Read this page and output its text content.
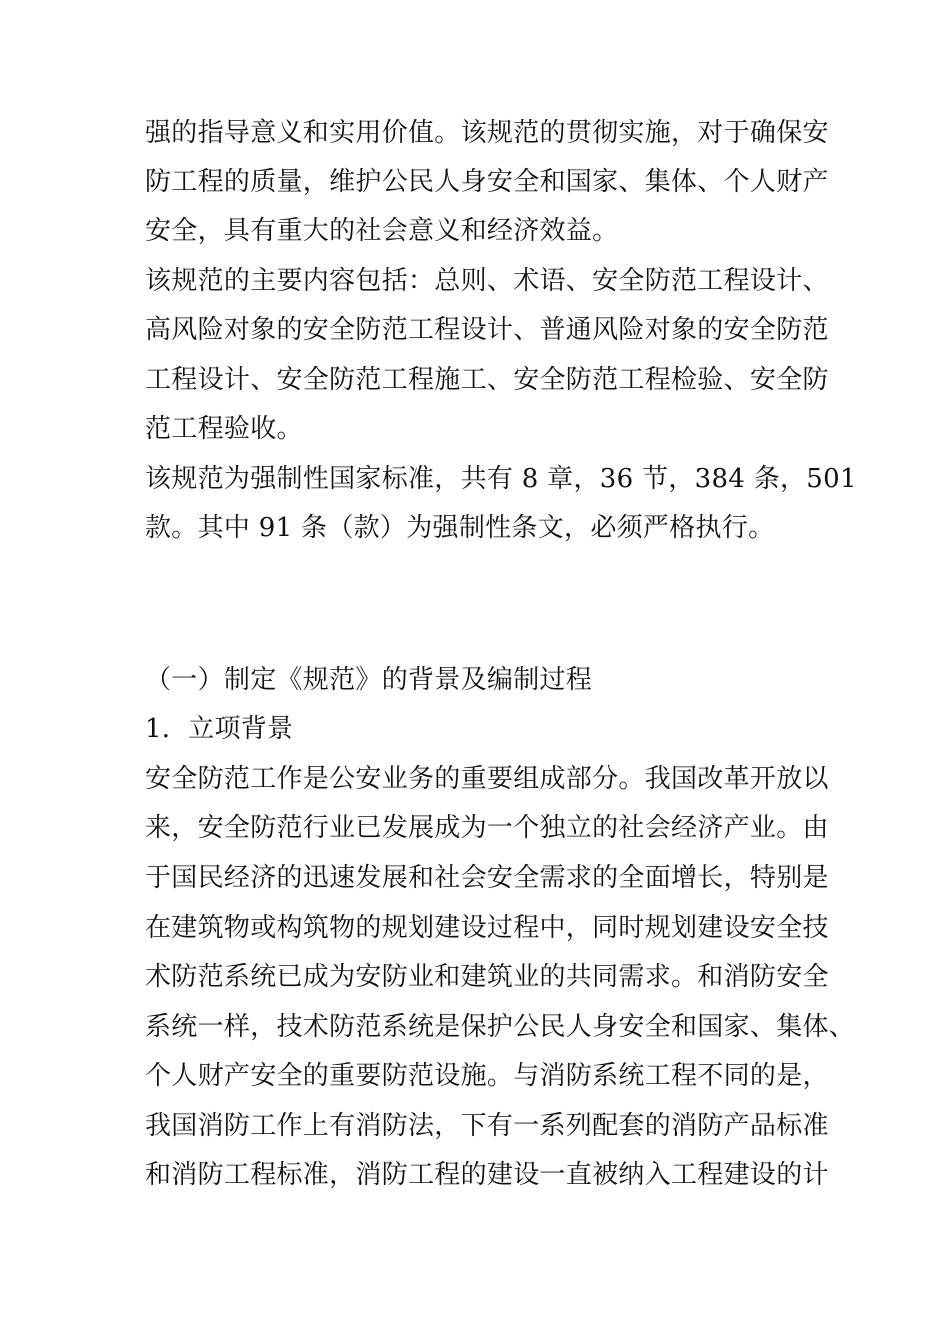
强的指导意义和实用价值。该规范的贯彻实施，对于确保安
防工程的质量，维护公民人身安全和国家、集体、个人财产
安全，具有重大的社会意义和经济效益。
该规范的主要内容包括：总则、术语、安全防范工程设计、
高风险对象的安全防范工程设计、普通风险对象的安全防范
工程设计、安全防范工程施工、安全防范工程检验、安全防
范工程验收。
该规范为强制性国家标准，共有 8 章，36 节，384 条，501
款。其中 91 条（款）为强制性条文，必须严格执行。
（一）制定《规范》的背景及编制过程
1．立项背景
安全防范工作是公安业务的重要组成部分。我国改革开放以
来，安全防范行业已发展成为一个独立的社会经济产业。由
于国民经济的迅速发展和社会安全需求的全面增长，特别是
在建筑物或构筑物的规划建设过程中，同时规划建设安全技
术防范系统已成为安防业和建筑业的共同需求。和消防安全
系统一样，技术防范系统是保护公民人身安全和国家、集体、
个人财产安全的重要防范设施。与消防系统工程不同的是，
我国消防工作上有消防法，下有一系列配套的消防产品标准
和消防工程标准，消防工程的建设一直被纳入工程建设的计
